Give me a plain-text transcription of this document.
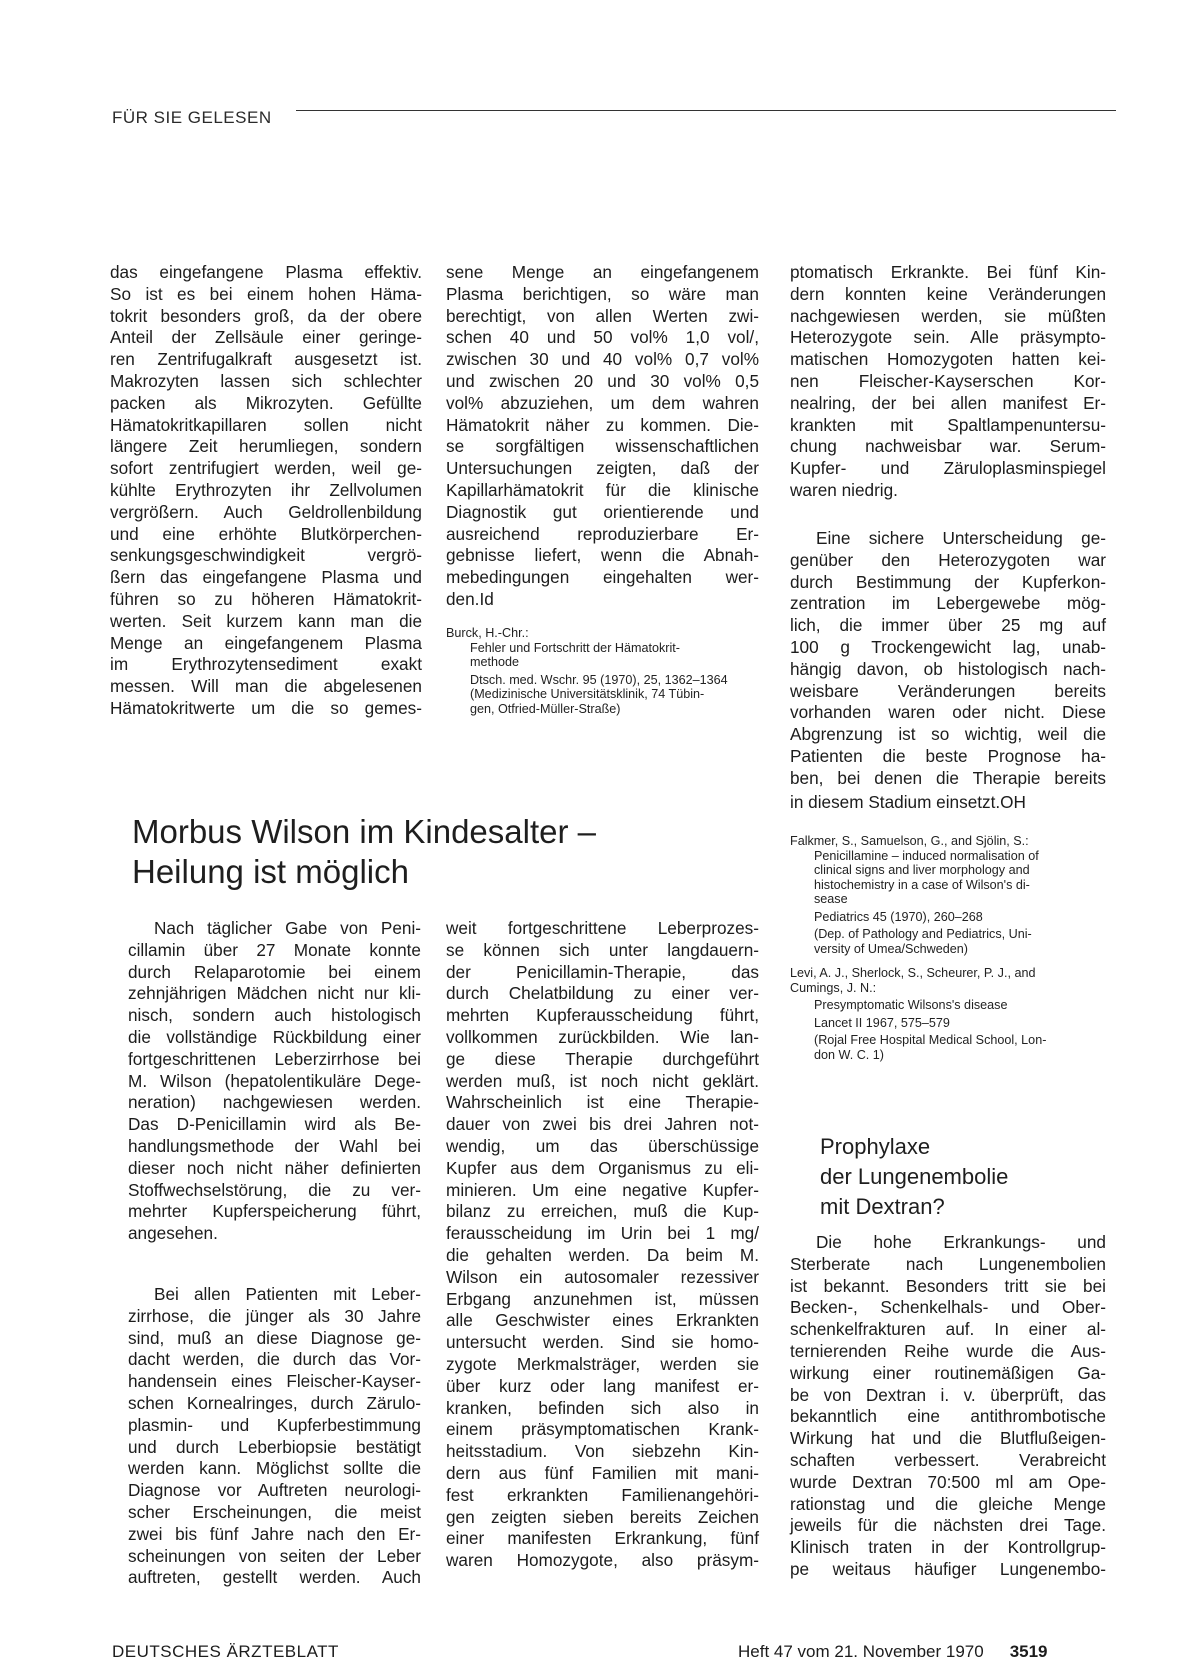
FÜR SIE GELESEN
das eingefangene Plasma effektiv.
So ist es bei einem hohen Häma-
tokrit besonders groß, da der obere
Anteil der Zellsäule einer geringe-
ren Zentrifugalkraft ausgesetzt ist.
Makrozyten lassen sich schlechter
packen als Mikrozyten. Gefüllte
Hämatokritkapillaren sollen nicht
längere Zeit herumliegen, sondern
sofort zentrifugiert werden, weil ge-
kühlte Erythrozyten ihr Zellvolumen
vergrößern. Auch Geldrollenbildung
und eine erhöhte Blutkörperchen-
senkungsgeschwindigkeit vergrö-
ßern das eingefangene Plasma und
führen so zu höheren Hämatokrit-
werten. Seit kurzem kann man die
Menge an eingefangenem Plasma
im Erythrozytensediment exakt
messen. Will man die abgelesenen
Hämatokritwerte um die so gemes-
sene Menge an eingefangenem
Plasma berichtigen, so wäre man
berechtigt, von allen Werten zwi-
schen 40 und 50 vol% 1,0 vol/,
zwischen 30 und 40 vol% 0,7 vol%
und zwischen 20 und 30 vol% 0,5
vol% abzuziehen, um dem wahren
Hämatokrit näher zu kommen. Die-
se sorgfältigen wissenschaftlichen
Untersuchungen zeigten, daß der
Kapillarhämatokrit für die klinische
Diagnostik gut orientierende und
ausreichend reproduzierbare Er-
gebnisse liefert, wenn die Abnah-
mebedingungen eingehalten wer-
den.Id
Burck, H.-Chr.:
Fehler und Fortschritt der Hämatokrit-
methode
Dtsch. med. Wschr. 95 (1970), 25, 1362–1364
(Medizinische Universitätsklinik, 74 Tübin-
gen, Otfried-Müller-Straße)
Morbus Wilson im Kindesalter –
Heilung ist möglich
Nach täglicher Gabe von Peni-
cillamin über 27 Monate konnte
durch Relaparotomie bei einem
zehnjährigen Mädchen nicht nur kli-
nisch, sondern auch histologisch
die vollständige Rückbildung einer
fortgeschrittenen Leberzirrhose bei
M. Wilson (hepatolentikuläre Dege-
neration) nachgewiesen werden.
Das D-Penicillamin wird als Be-
handlungsmethode der Wahl bei
dieser noch nicht näher definierten
Stoffwechselstörung, die zu ver-
mehrter Kupferspeicherung führt,
angesehen.
Bei allen Patienten mit Leber-
zirrhose, die jünger als 30 Jahre
sind, muß an diese Diagnose ge-
dacht werden, die durch das Vor-
handensein eines Fleischer-Kayser-
schen Kornealringes, durch Zärulo-
plasmin- und Kupferbestimmung
und durch Leberbiopsie bestätigt
werden kann. Möglichst sollte die
Diagnose vor Auftreten neurologi-
scher Erscheinungen, die meist
zwei bis fünf Jahre nach den Er-
scheinungen von seiten der Leber
auftreten, gestellt werden. Auch
weit fortgeschrittene Leberprozes-
se können sich unter langdauern-
der Penicillamin-Therapie, das
durch Chelatbildung zu einer ver-
mehrten Kupferausscheidung führt,
vollkommen zurückbilden. Wie lan-
ge diese Therapie durchgeführt
werden muß, ist noch nicht geklärt.
Wahrscheinlich ist eine Therapie-
dauer von zwei bis drei Jahren not-
wendig, um das überschüssige
Kupfer aus dem Organismus zu eli-
minieren. Um eine negative Kupfer-
bilanz zu erreichen, muß die Kup-
ferausscheidung im Urin bei 1 mg/
die gehalten werden. Da beim M.
Wilson ein autosomaler rezessiver
Erbgang anzunehmen ist, müssen
alle Geschwister eines Erkrankten
untersucht werden. Sind sie homo-
zygote Merkmalsträger, werden sie
über kurz oder lang manifest er-
kranken, befinden sich also in
einem präsymptomatischen Krank-
heitsstadium. Von siebzehn Kin-
dern aus fünf Familien mit mani-
fest erkrankten Familienangehöri-
gen zeigten sieben bereits Zeichen
einer manifesten Erkrankung, fünf
waren Homozygote, also präsym-
ptomatisch Erkrankte. Bei fünf Kin-
dern konnten keine Veränderungen
nachgewiesen werden, sie müßten
Heterozygote sein. Alle präsympto-
matischen Homozygoten hatten kei-
nen Fleischer-Kayserschen Kor-
nealring, der bei allen manifest Er-
krankten mit Spaltlampenuntersu-
chung nachweisbar war. Serum-
Kupfer- und Zäruloplasminspiegel
waren niedrig.
Eine sichere Unterscheidung ge-
genüber den Heterozygoten war
durch Bestimmung der Kupferkon-
zentration im Lebergewebe mög-
lich, die immer über 25 mg auf
100 g Trockengewicht lag, unab-
hängig davon, ob histologisch nach-
weisbare Veränderungen bereits
vorhanden waren oder nicht. Diese
Abgrenzung ist so wichtig, weil die
Patienten die beste Prognose ha-
ben, bei denen die Therapie bereits
in diesem Stadium einsetzt.OH
Falkmer, S., Samuelson, G., and Sjölin, S.:
Penicillamine – induced normalisation of
clinical signs and liver morphology and
histochemistry in a case of Wilson's di-
sease
Pediatrics 45 (1970), 260–268
(Dep. of Pathology and Pediatrics, Uni-
versity of Umea/Schweden)
Levi, A. J., Sherlock, S., Scheurer, P. J., and
Cumings, J. N.:
Presymptomatic Wilsons's disease
Lancet II 1967, 575–579
(Rojal Free Hospital Medical School, Lon-
don W. C. 1)
Prophylaxe
der Lungenembolie
mit Dextran?
Die hohe Erkrankungs- und
Sterberate nach Lungenembolien
ist bekannt. Besonders tritt sie bei
Becken-, Schenkelhals- und Ober-
schenkelfrakturen auf. In einer al-
ternierenden Reihe wurde die Aus-
wirkung einer routinemäßigen Ga-
be von Dextran i. v. überprüft, das
bekanntlich eine antithrombotische
Wirkung hat und die Blutflußeigen-
schaften verbessert. Verabreicht
wurde Dextran 70:500 ml am Ope-
rationstag und die gleiche Menge
jeweils für die nächsten drei Tage.
Klinisch traten in der Kontrollgrup-
pe weitaus häufiger Lungenembo-
DEUTSCHES ÄRZTEBLATT	Heft 47 vom 21. November 1970 3519
